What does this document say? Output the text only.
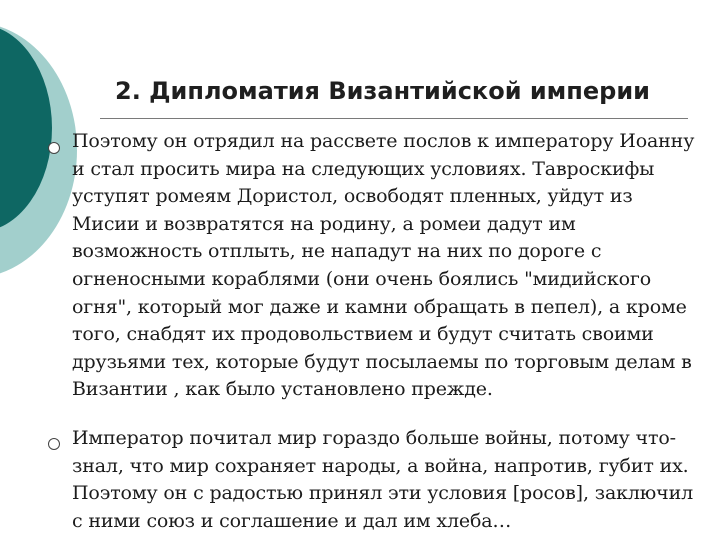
2. Дипломатия Византийской империи

Поэтому он отрядил на рассвете послов к императору Иоанну и стал просить мира на следующих условиях. Тавроскифы уступят ромеям Дористол, освободят пленных, уйдут из Мисии и возвратятся на родину, а ромеи дадут им возможность отплыть, не нападут на них по дороге с огненосными кораблями (они очень боялись "мидийского огня", который мог даже и камни обращать в пепел), а кроме того, снабдят их продовольствием и будут считать своими друзьями тех, которые будут посылаемы по торговым делам в Византии , как было установлено прежде.

Император почитал мир гораздо больше войны, потому что- знал, что мир сохраняет народы, а война, напротив, губит их. Поэтому он с радостью принял эти условия [росов], заключил с ними союз и соглашение и дал им хлеба…
